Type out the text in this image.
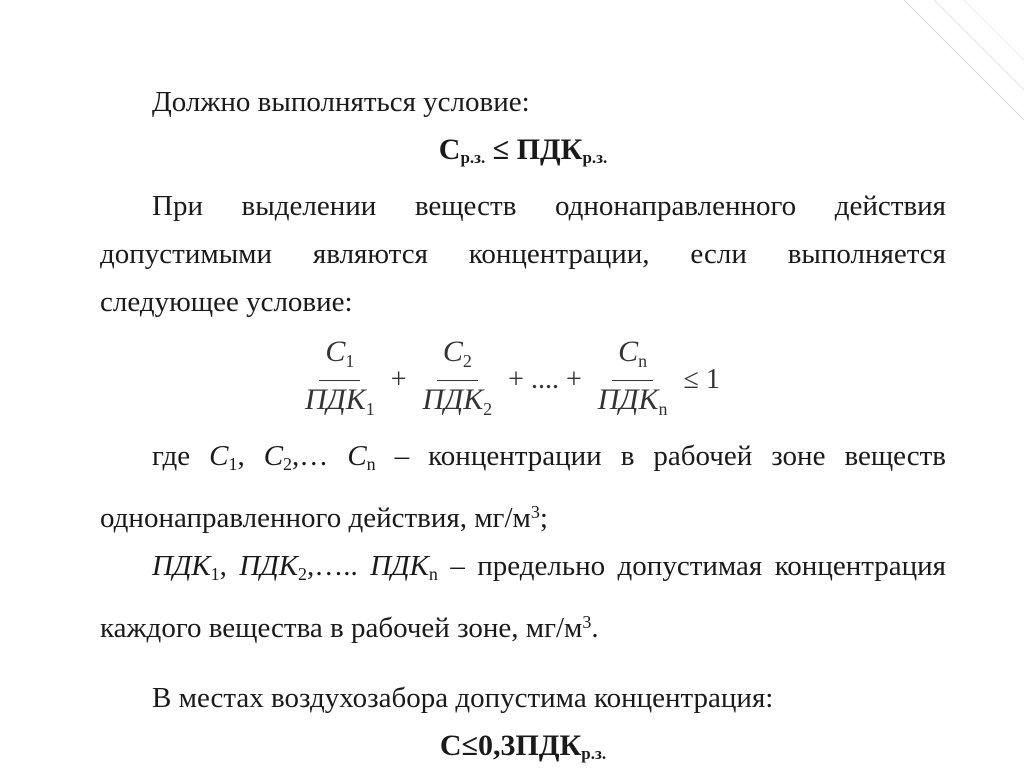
Должно выполняться условие:

$С_{р.з.} \le ПДК_{р.з.}$

При выделении веществ однонаправленного действия допустимыми являются концентрации, если выполняется следующее условие:

$\frac{C_1}{ПДК_1} + \frac{C_2}{ПДК_2}$ + .... + $\frac{C_n}{ПДК_n} \le 1$

где $С_1$, $С_2,\dots$ $С_n$ – концентрации в рабочей зоне веществ однонаправленного действия, $мг/м^3$;

$ПДК_1$, $ПДК_2,\dots$.. $ПДК_n$ – предельно допустимая концентрация каждого вещества в рабочей зоне, $мг/м^3$.

В местах воздухозабора допустима концентрация:

$С\le 0,3ПДК_{р.з.}$
